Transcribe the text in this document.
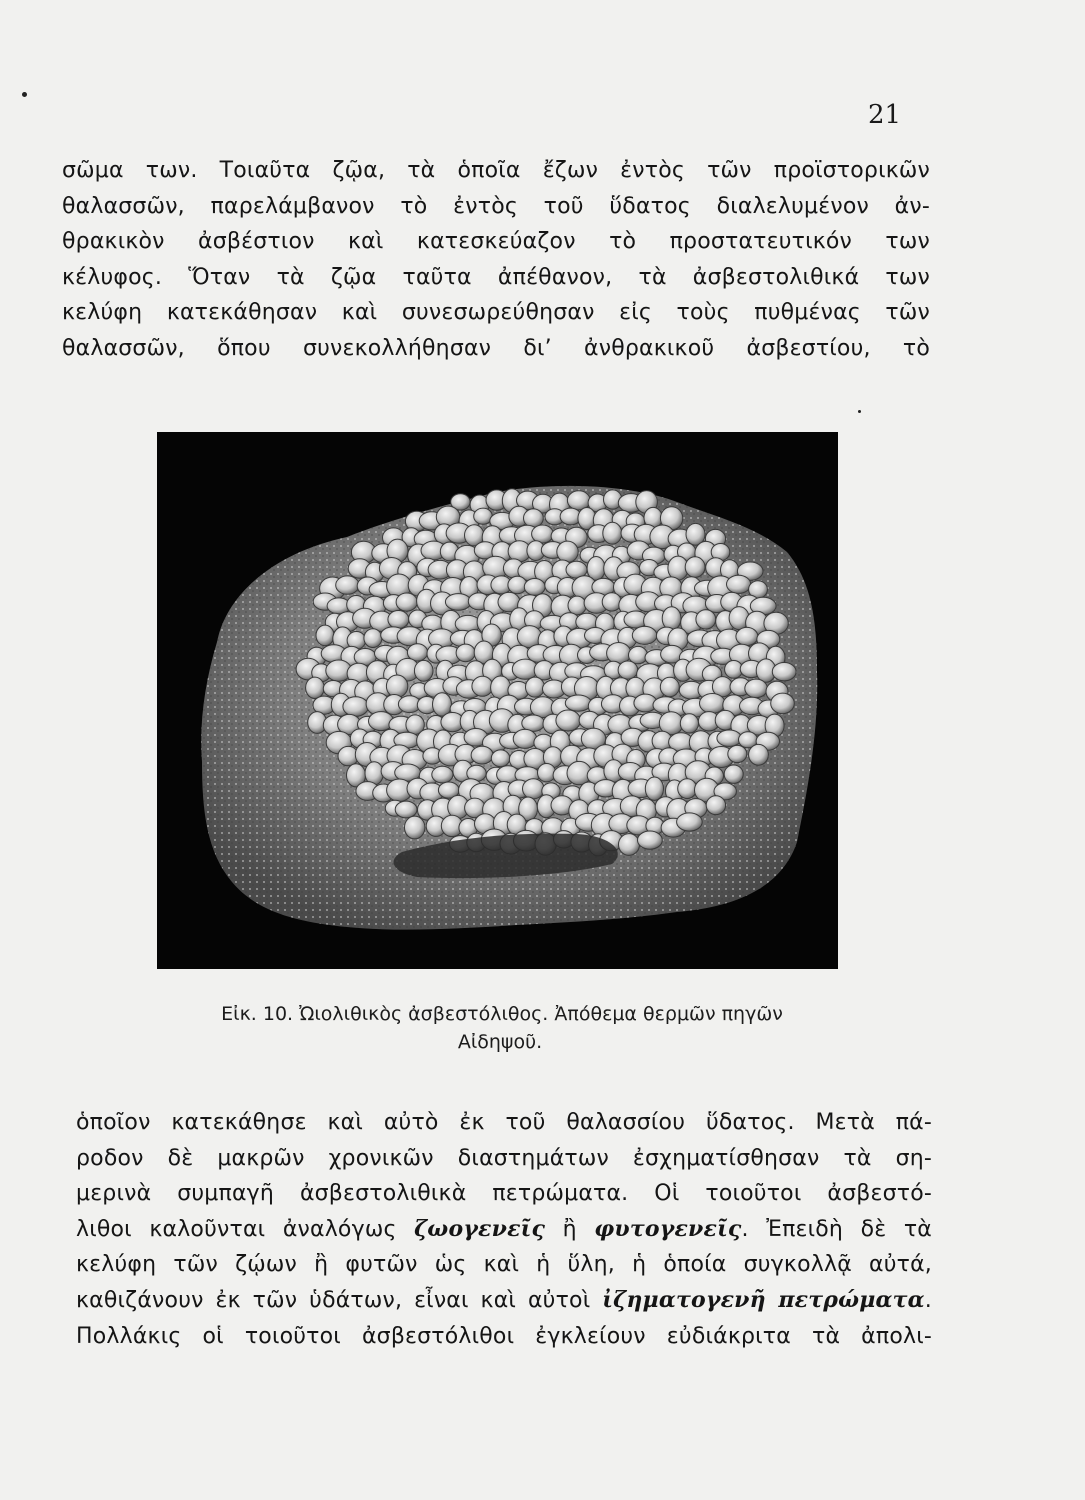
21
σῶμα των. Τοιαῦτα ζῷα, τὰ ὁποῖα ἔζων ἐντὸς τῶν προϊστορικῶν
θαλασσῶν, παρελάμβανον τὸ ἐντὸς τοῦ ὕδατος διαλελυμένον ἀν-
θρακικὸν ἀσβέστιον καὶ κατεσκεύαζον τὸ προστατευτικόν των
κέλυφος. Ὅταν τὰ ζῷα ταῦτα ἀπέθανον, τὰ ἀσβεστολιθικά των
κελύφη κατεκάθησαν καὶ συνεσωρεύθησαν εἰς τοὺς πυθμένας τῶν
θαλασσῶν, ὅπου συνεκολλήθησαν δι’ ἀνθρακικοῦ ἀσβεστίου, τὸ
Εἰκ. 10. Ὠιολιθικὸς ἀσβεστόλιθος. Ἀπόθεμα θερμῶν πηγῶν
Αἰδηψοῦ.
ὁποῖον κατεκάθησε καὶ αὐτὸ ἐκ τοῦ θαλασσίου ὕδατος. Μετὰ πά-
ροδον δὲ μακρῶν χρονικῶν διαστημάτων ἐσχηματίσθησαν τὰ ση-
μερινὰ συμπαγῆ ἀσβεστολιθικὰ πετρώματα. Οἱ τοιοῦτοι ἀσβεστό-
λιθοι καλοῦνται ἀναλόγως ζωογενεῖς ἢ φυτογενεῖς. Ἐπειδὴ δὲ τὰ
κελύφη τῶν ζῴων ἢ φυτῶν ὡς καὶ ἡ ὕλη, ἡ ὁποία συγκολλᾷ αὐτά,
καθιζάνουν ἐκ τῶν ὑδάτων, εἶναι καὶ αὐτοὶ ἰζηματογενῆ πετρώματα.
Πολλάκις οἱ τοιοῦτοι ἀσβεστόλιθοι ἐγκλείουν εὐδιάκριτα τὰ ἀπολι-
